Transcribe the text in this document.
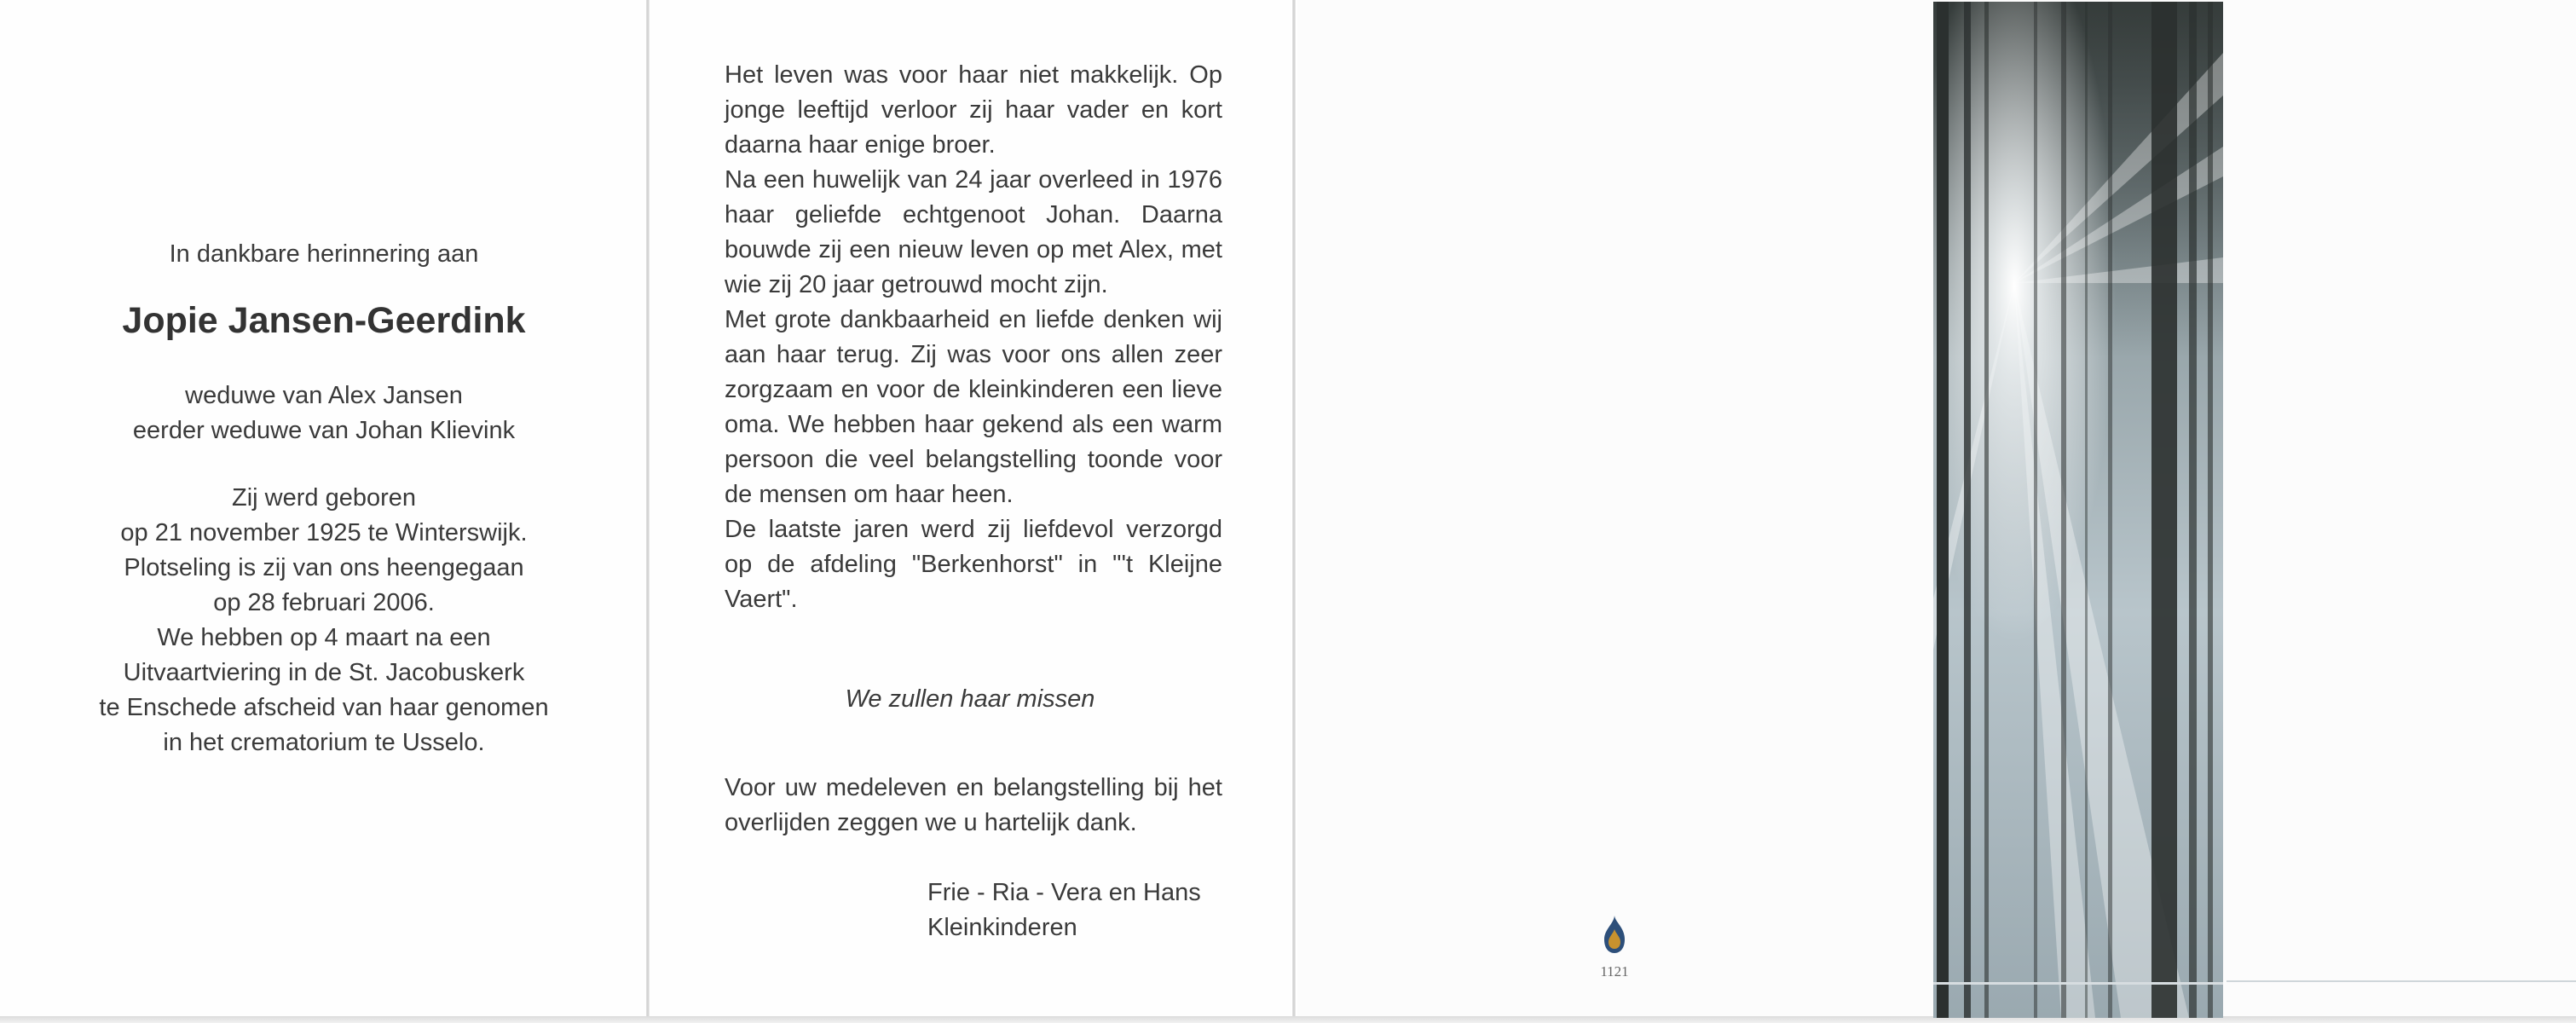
In dankbare herinnering aan
Jopie Jansen-Geerdink
weduwe van Alex Jansen
eerder weduwe van Johan Klievink
Zij werd geboren
op 21 november 1925 te Winterswijk.
Plotseling is zij van ons heengegaan
op 28 februari 2006.
We hebben op 4 maart na een
Uitvaartviering in de St. Jacobuskerk
te Enschede afscheid van haar genomen
in het crematorium te Usselo.

Het leven was voor haar niet makkelijk. Op jonge leeftijd verloor zij haar vader en kort daarna haar enige broer.

Na een huwelijk van 24 jaar overleed in 1976 haar geliefde echtgenoot Johan. Daarna bouwde zij een nieuw leven op met Alex, met wie zij 20 jaar getrouwd mocht zijn.

Met grote dankbaarheid en liefde denken wij aan haar terug. Zij was voor ons allen zeer zorgzaam en voor de kleinkinderen een lieve oma. We hebben haar gekend als een warm persoon die veel belangstelling toonde voor de mensen om haar heen.

De laatste jaren werd zij liefdevol verzorgd op de afdeling "Berkenhorst" in "'t Kleijne Vaert".

We zullen haar missen
Voor uw medeleven en belangstelling bij het overlijden zeggen we u hartelijk dank.
Frie - Ria - Vera en Hans
Kleinkinderen
1121
